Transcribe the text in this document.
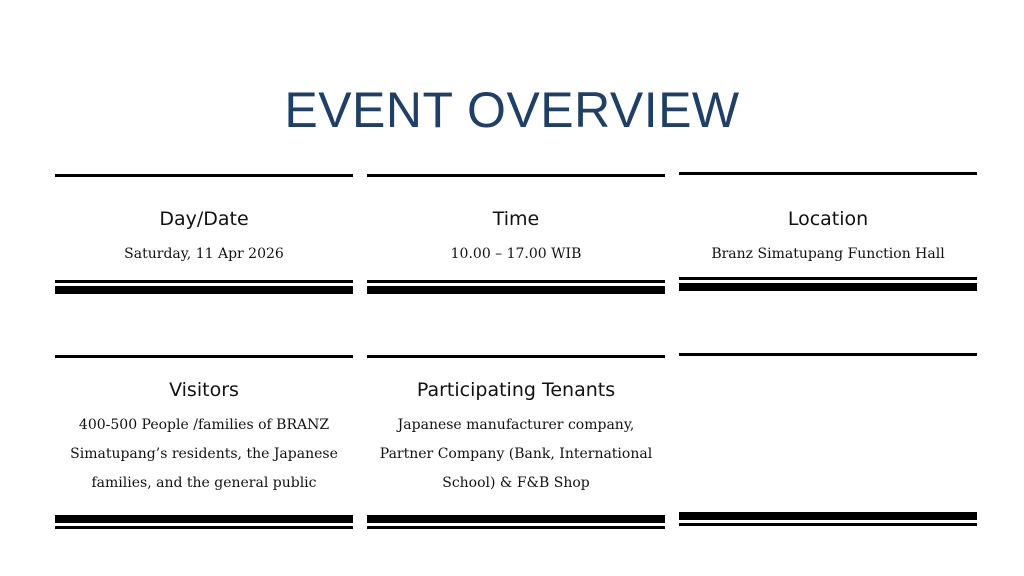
EVENT OVERVIEW
Day/Date
Saturday, 11 Apr 2026
Time
10.00 – 17.00 WIB
Location
Branz Simatupang Function Hall
Visitors
400-500 People /families of BRANZ
Simatupang’s residents, the Japanese
families, and the general public
Participating Tenants
Japanese manufacturer company,
Partner Company (Bank, International
School) & F&B Shop
